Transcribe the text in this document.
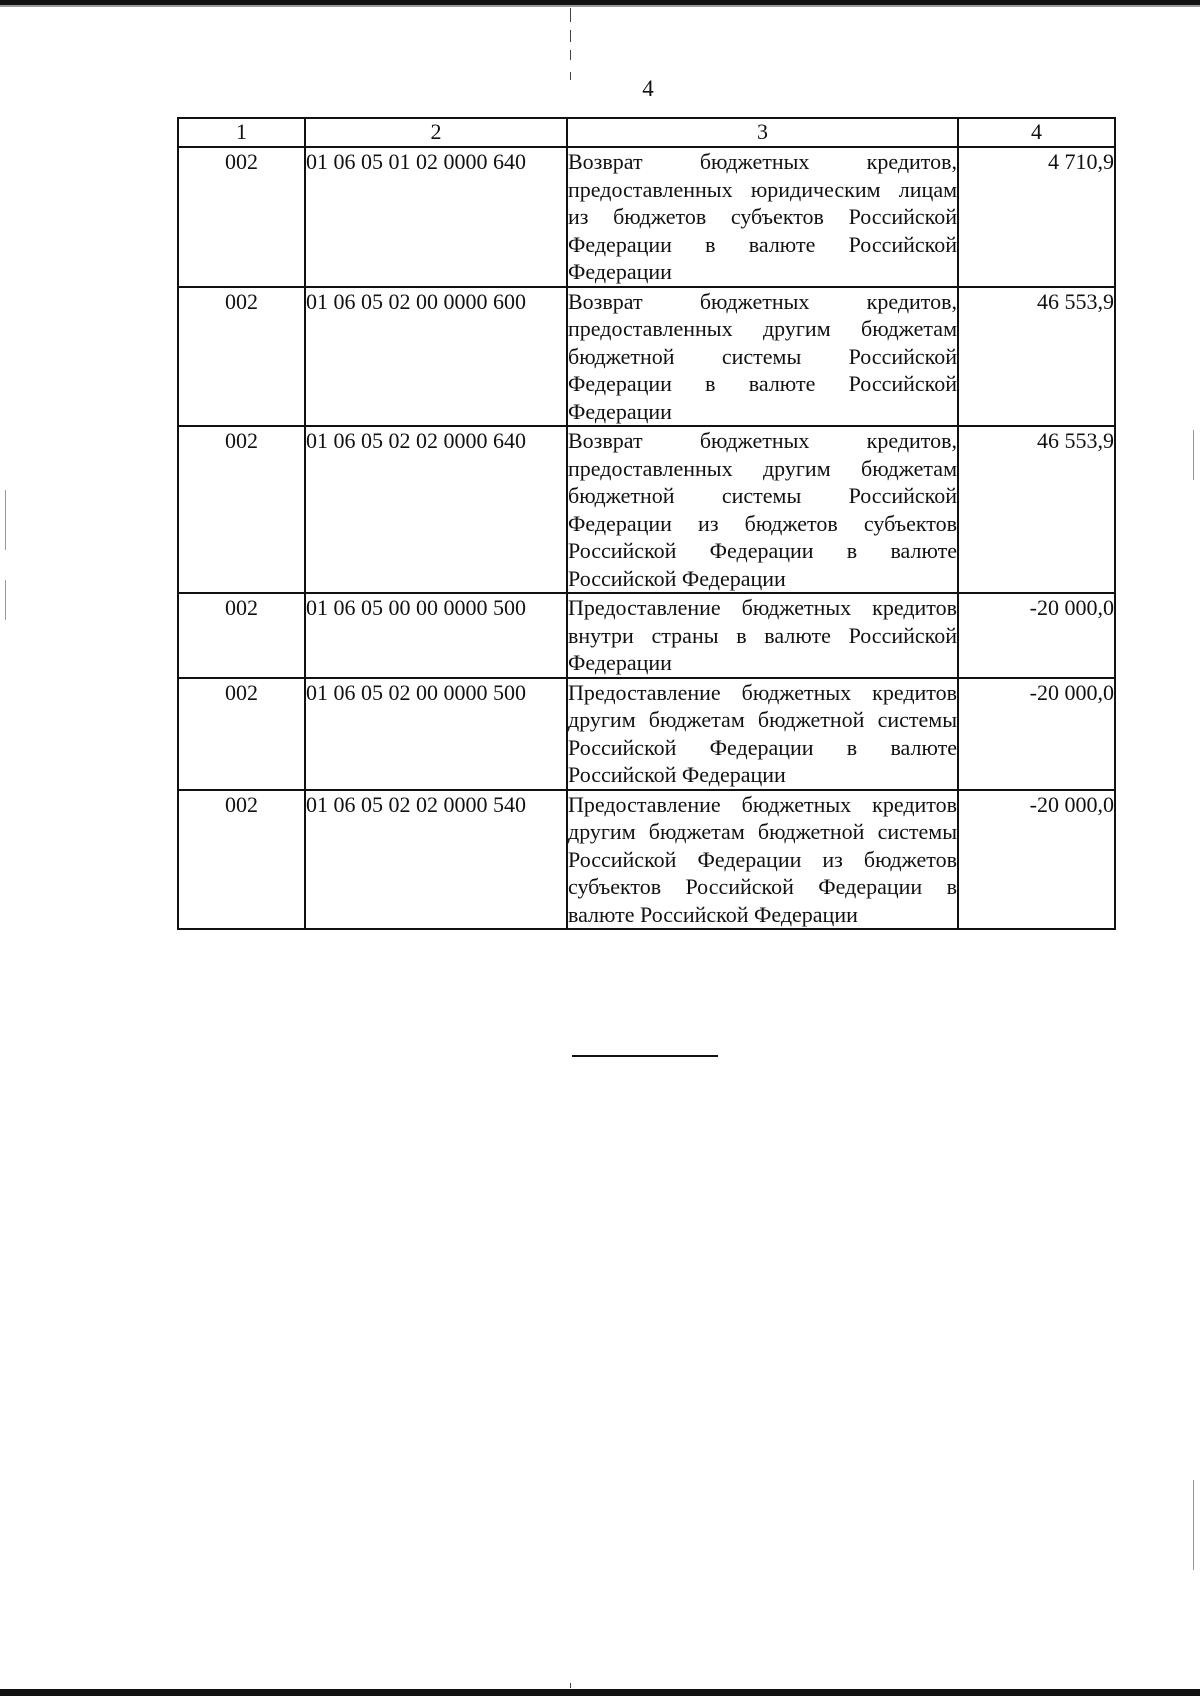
4
1	2	3	4
002	01 06 05 01 02 0000 640	Возврат бюджетных кредитов, предоставленных юридическим лицам из бюджетов субъектов Российской Федерации в валюте Российской Федерации	4 710,9
002	01 06 05 02 00 0000 600	Возврат бюджетных кредитов, предоставленных другим бюджетам бюджетной системы Российской Федерации в валюте Российской Федерации	46 553,9
002	01 06 05 02 02 0000 640	Возврат бюджетных кредитов, предоставленных другим бюджетам бюджетной системы Российской Федерации из бюджетов субъектов Российской Федерации в валюте Российской Федерации	46 553,9
002	01 06 05 00 00 0000 500	Предоставление бюджетных кредитов внутри страны в валюте Российской Федерации	-20 000,0
002	01 06 05 02 00 0000 500	Предоставление бюджетных кредитов другим бюджетам бюджетной системы Российской Федерации в валюте Российской Федерации	-20 000,0
002	01 06 05 02 02 0000 540	Предоставление бюджетных кредитов другим бюджетам бюджетной системы Российской Федерации из бюджетов субъектов Российской Федерации в валюте Российской Федерации	-20 000,0
